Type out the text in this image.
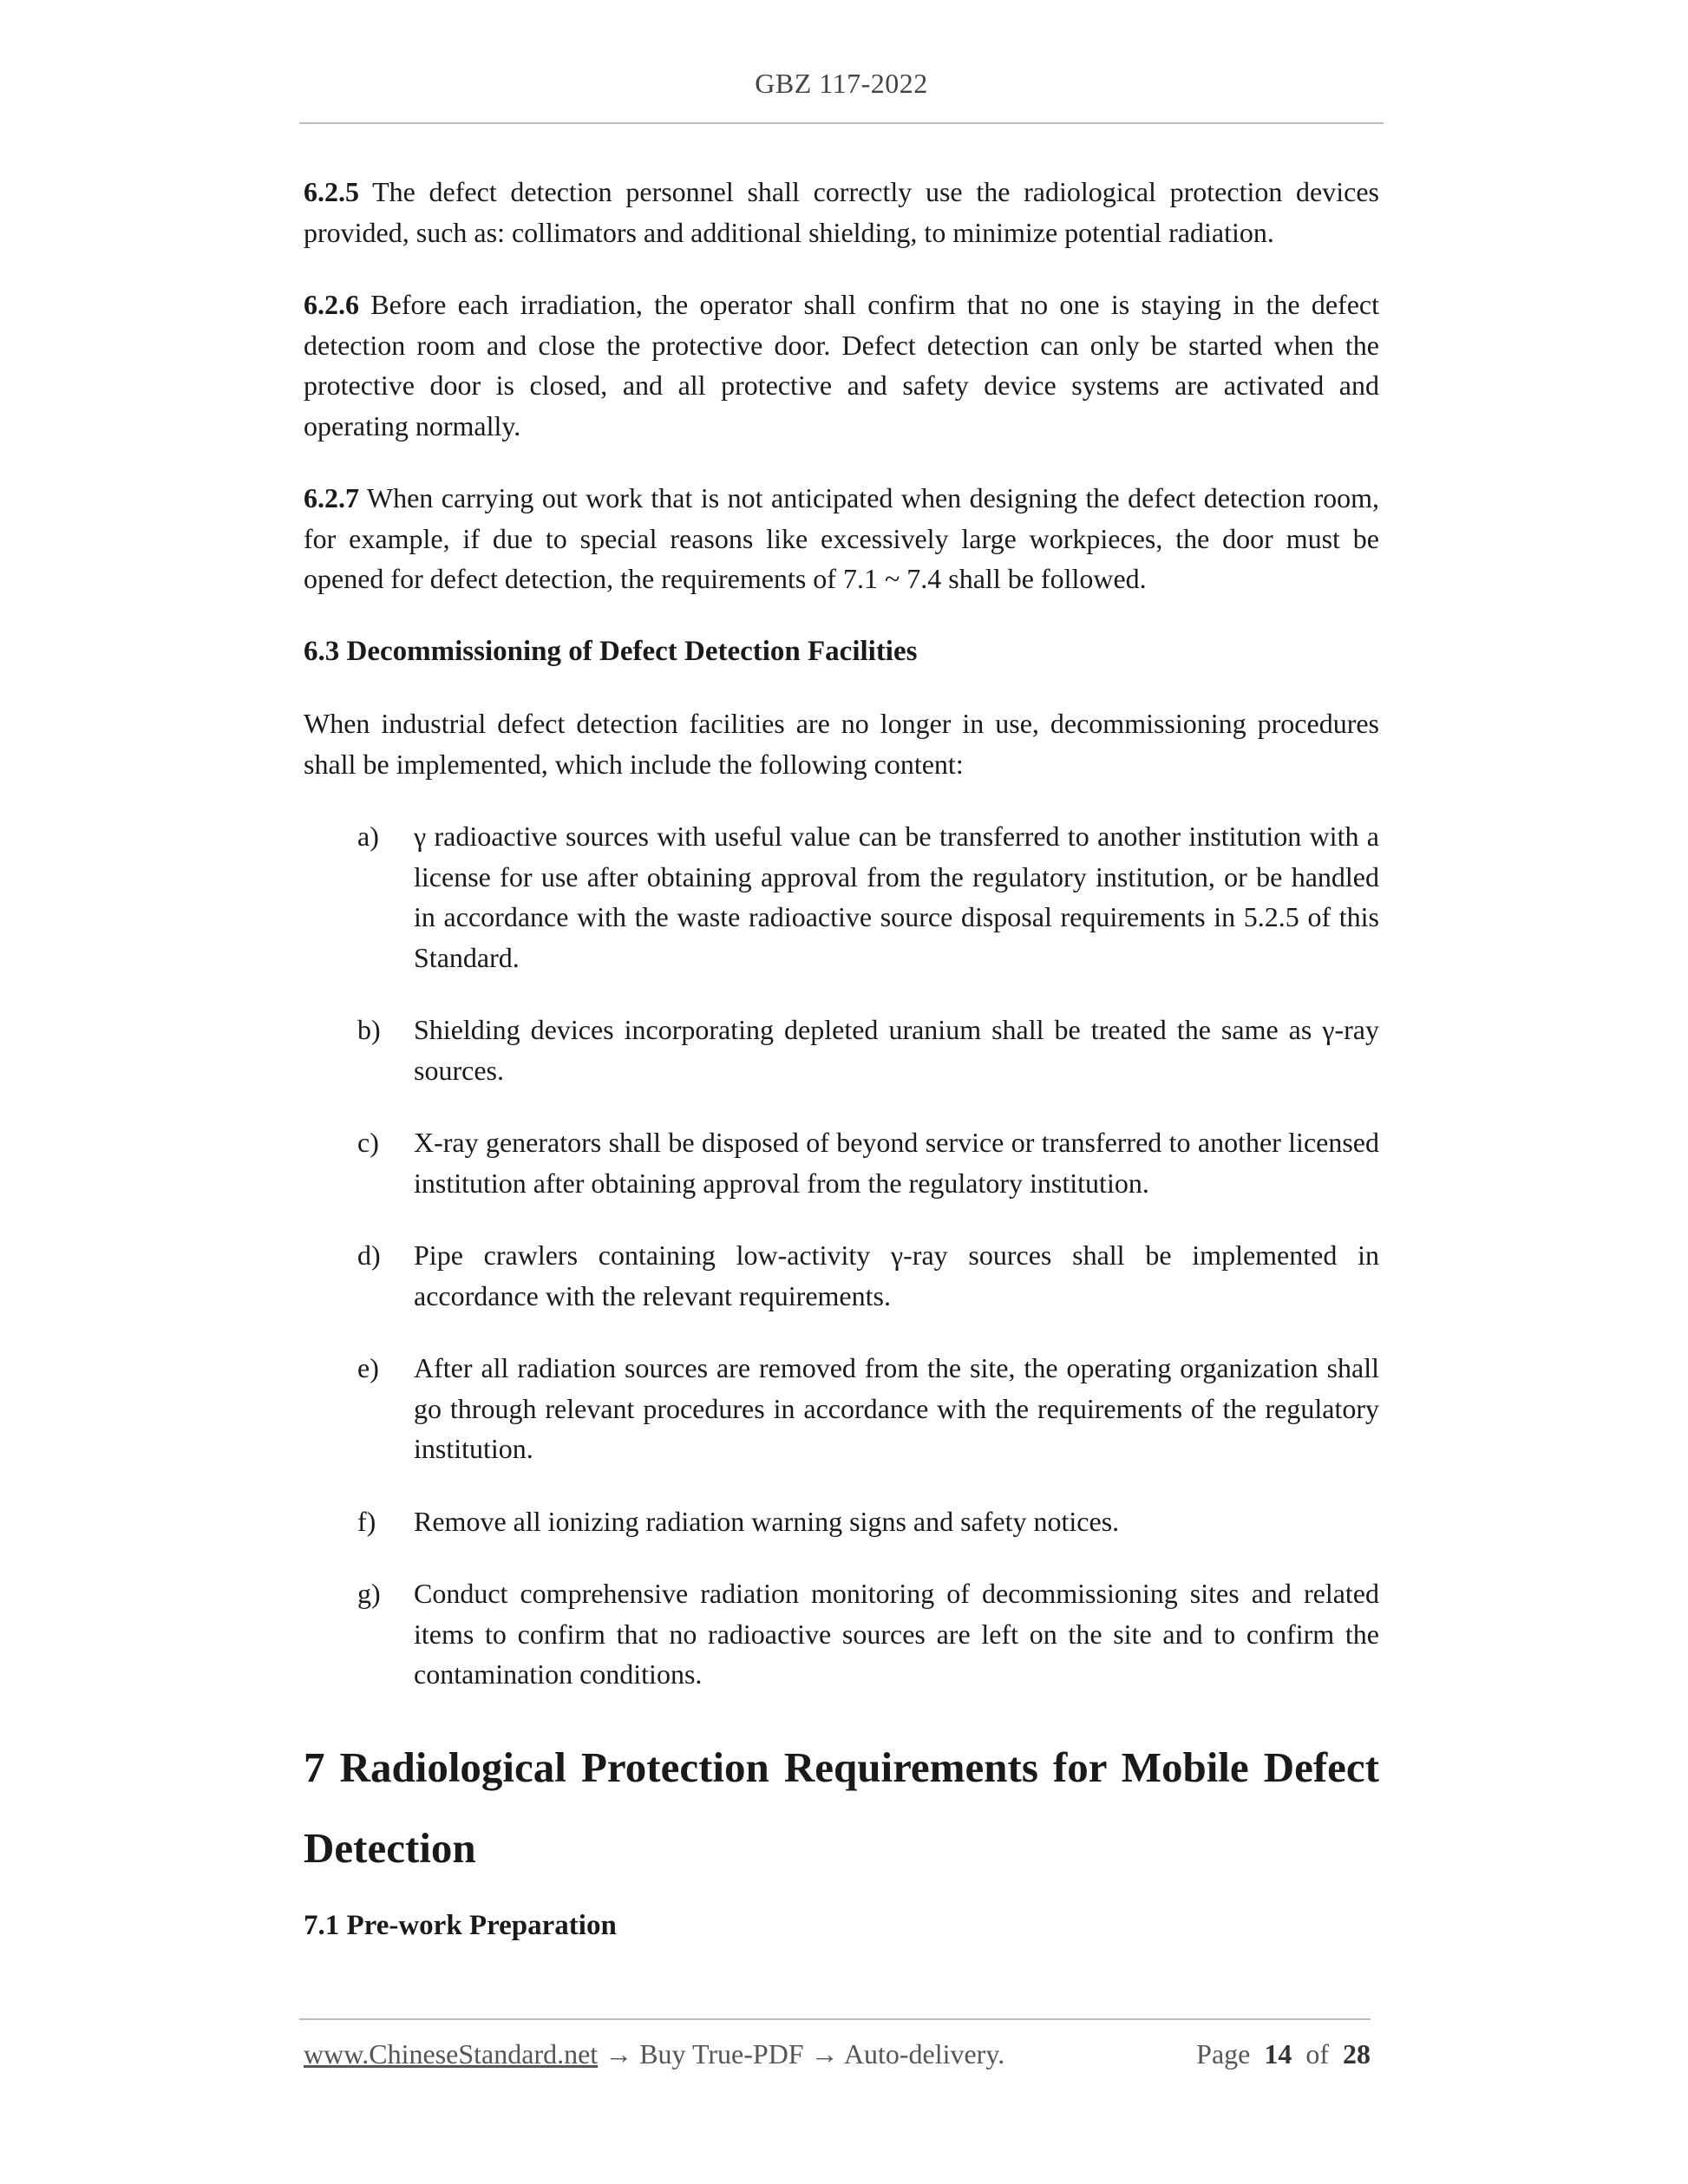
GBZ 117-2022

6.2.5 The defect detection personnel shall correctly use the radiological protection devices provided, such as: collimators and additional shielding, to minimize potential radiation.

6.2.6 Before each irradiation, the operator shall confirm that no one is staying in the defect detection room and close the protective door. Defect detection can only be started when the protective door is closed, and all protective and safety device systems are activated and operating normally.

6.2.7 When carrying out work that is not anticipated when designing the defect detection room, for example, if due to special reasons like excessively large workpieces, the door must be opened for defect detection, the requirements of 7.1 ~ 7.4 shall be followed.

6.3 Decommissioning of Defect Detection Facilities

When industrial defect detection facilities are no longer in use, decommissioning procedures shall be implemented, which include the following content:

a)	γ radioactive sources with useful value can be transferred to another institution with a license for use after obtaining approval from the regulatory institution, or be handled in accordance with the waste radioactive source disposal requirements in 5.2.5 of this Standard.
b)	Shielding devices incorporating depleted uranium shall be treated the same as γ-ray sources.
c)	X-ray generators shall be disposed of beyond service or transferred to another licensed institution after obtaining approval from the regulatory institution.
d)	Pipe crawlers containing low-activity γ-ray sources shall be implemented in accordance with the relevant requirements.
e)	After all radiation sources are removed from the site, the operating organization shall go through relevant procedures in accordance with the requirements of the regulatory institution.
f)	Remove all ionizing radiation warning signs and safety notices.
g)	Conduct comprehensive radiation monitoring of decommissioning sites and related items to confirm that no radioactive sources are left on the site and to confirm the contamination conditions.
7 Radiological Protection Requirements for Mobile Defect Detection
7.1 Pre-work Preparation
www.ChineseStandard.net → Buy True-PDF → Auto-delivery.	Page 14 of 28
